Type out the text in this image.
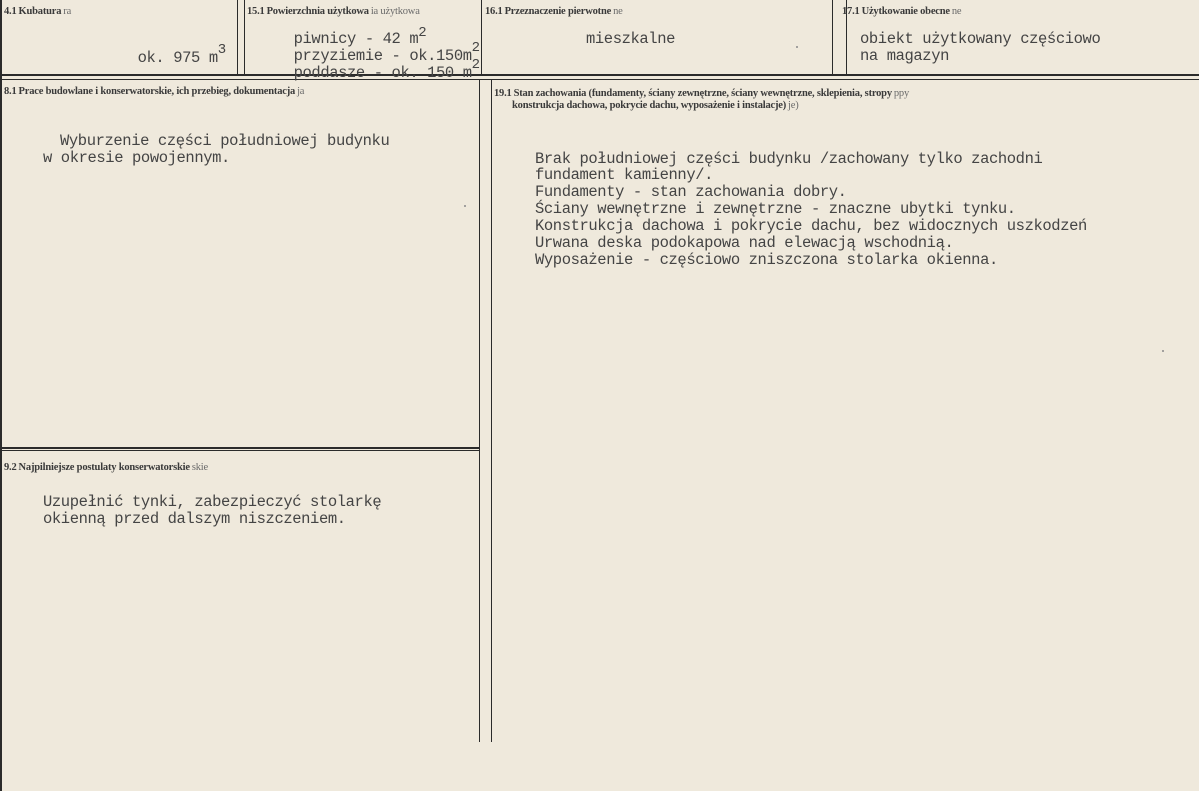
4.1 Kubatura ra

ok. 975 m3

15.1 Powierzchnia użytkowa ia użytkowa

piwnicy - 42 m2

przyziemie - ok.150m2

poddasze - ok. 150 m2

16.1 Przeznaczenie pierwotne ne
mieszkalne
17.1 Użytkowanie obecne ne
obiekt użytkowany częściowo
na magazyn
8.1 Prace budowlane i konserwatorskie, ich przebieg, dokumentacja ja
Wyburzenie części południowej budynku
w okresie powojennym.
9.2 Najpilniejsze postulaty konserwatorskie skie
Uzupełnić tynki, zabezpieczyć stolarkę
okienną przed dalszym niszczeniem.
19.1 Stan zachowania (fundamenty, ściany zewnętrzne, ściany wewnętrzne, sklepienia, stropy ppy
konstrukcja dachowa, pokrycie dachu, wyposażenie i instalacje) je)
Brak południowej części budynku /zachowany tylko zachodni
fundament kamienny/.
Fundamenty - stan zachowania dobry.
Ściany wewnętrzne i zewnętrzne - znaczne ubytki tynku.
Konstrukcja dachowa i pokrycie dachu, bez widocznych uszkodzeń
Urwana deska podokapowa nad elewacją wschodnią.
Wyposażenie - częściowo zniszczona stolarka okienna.
